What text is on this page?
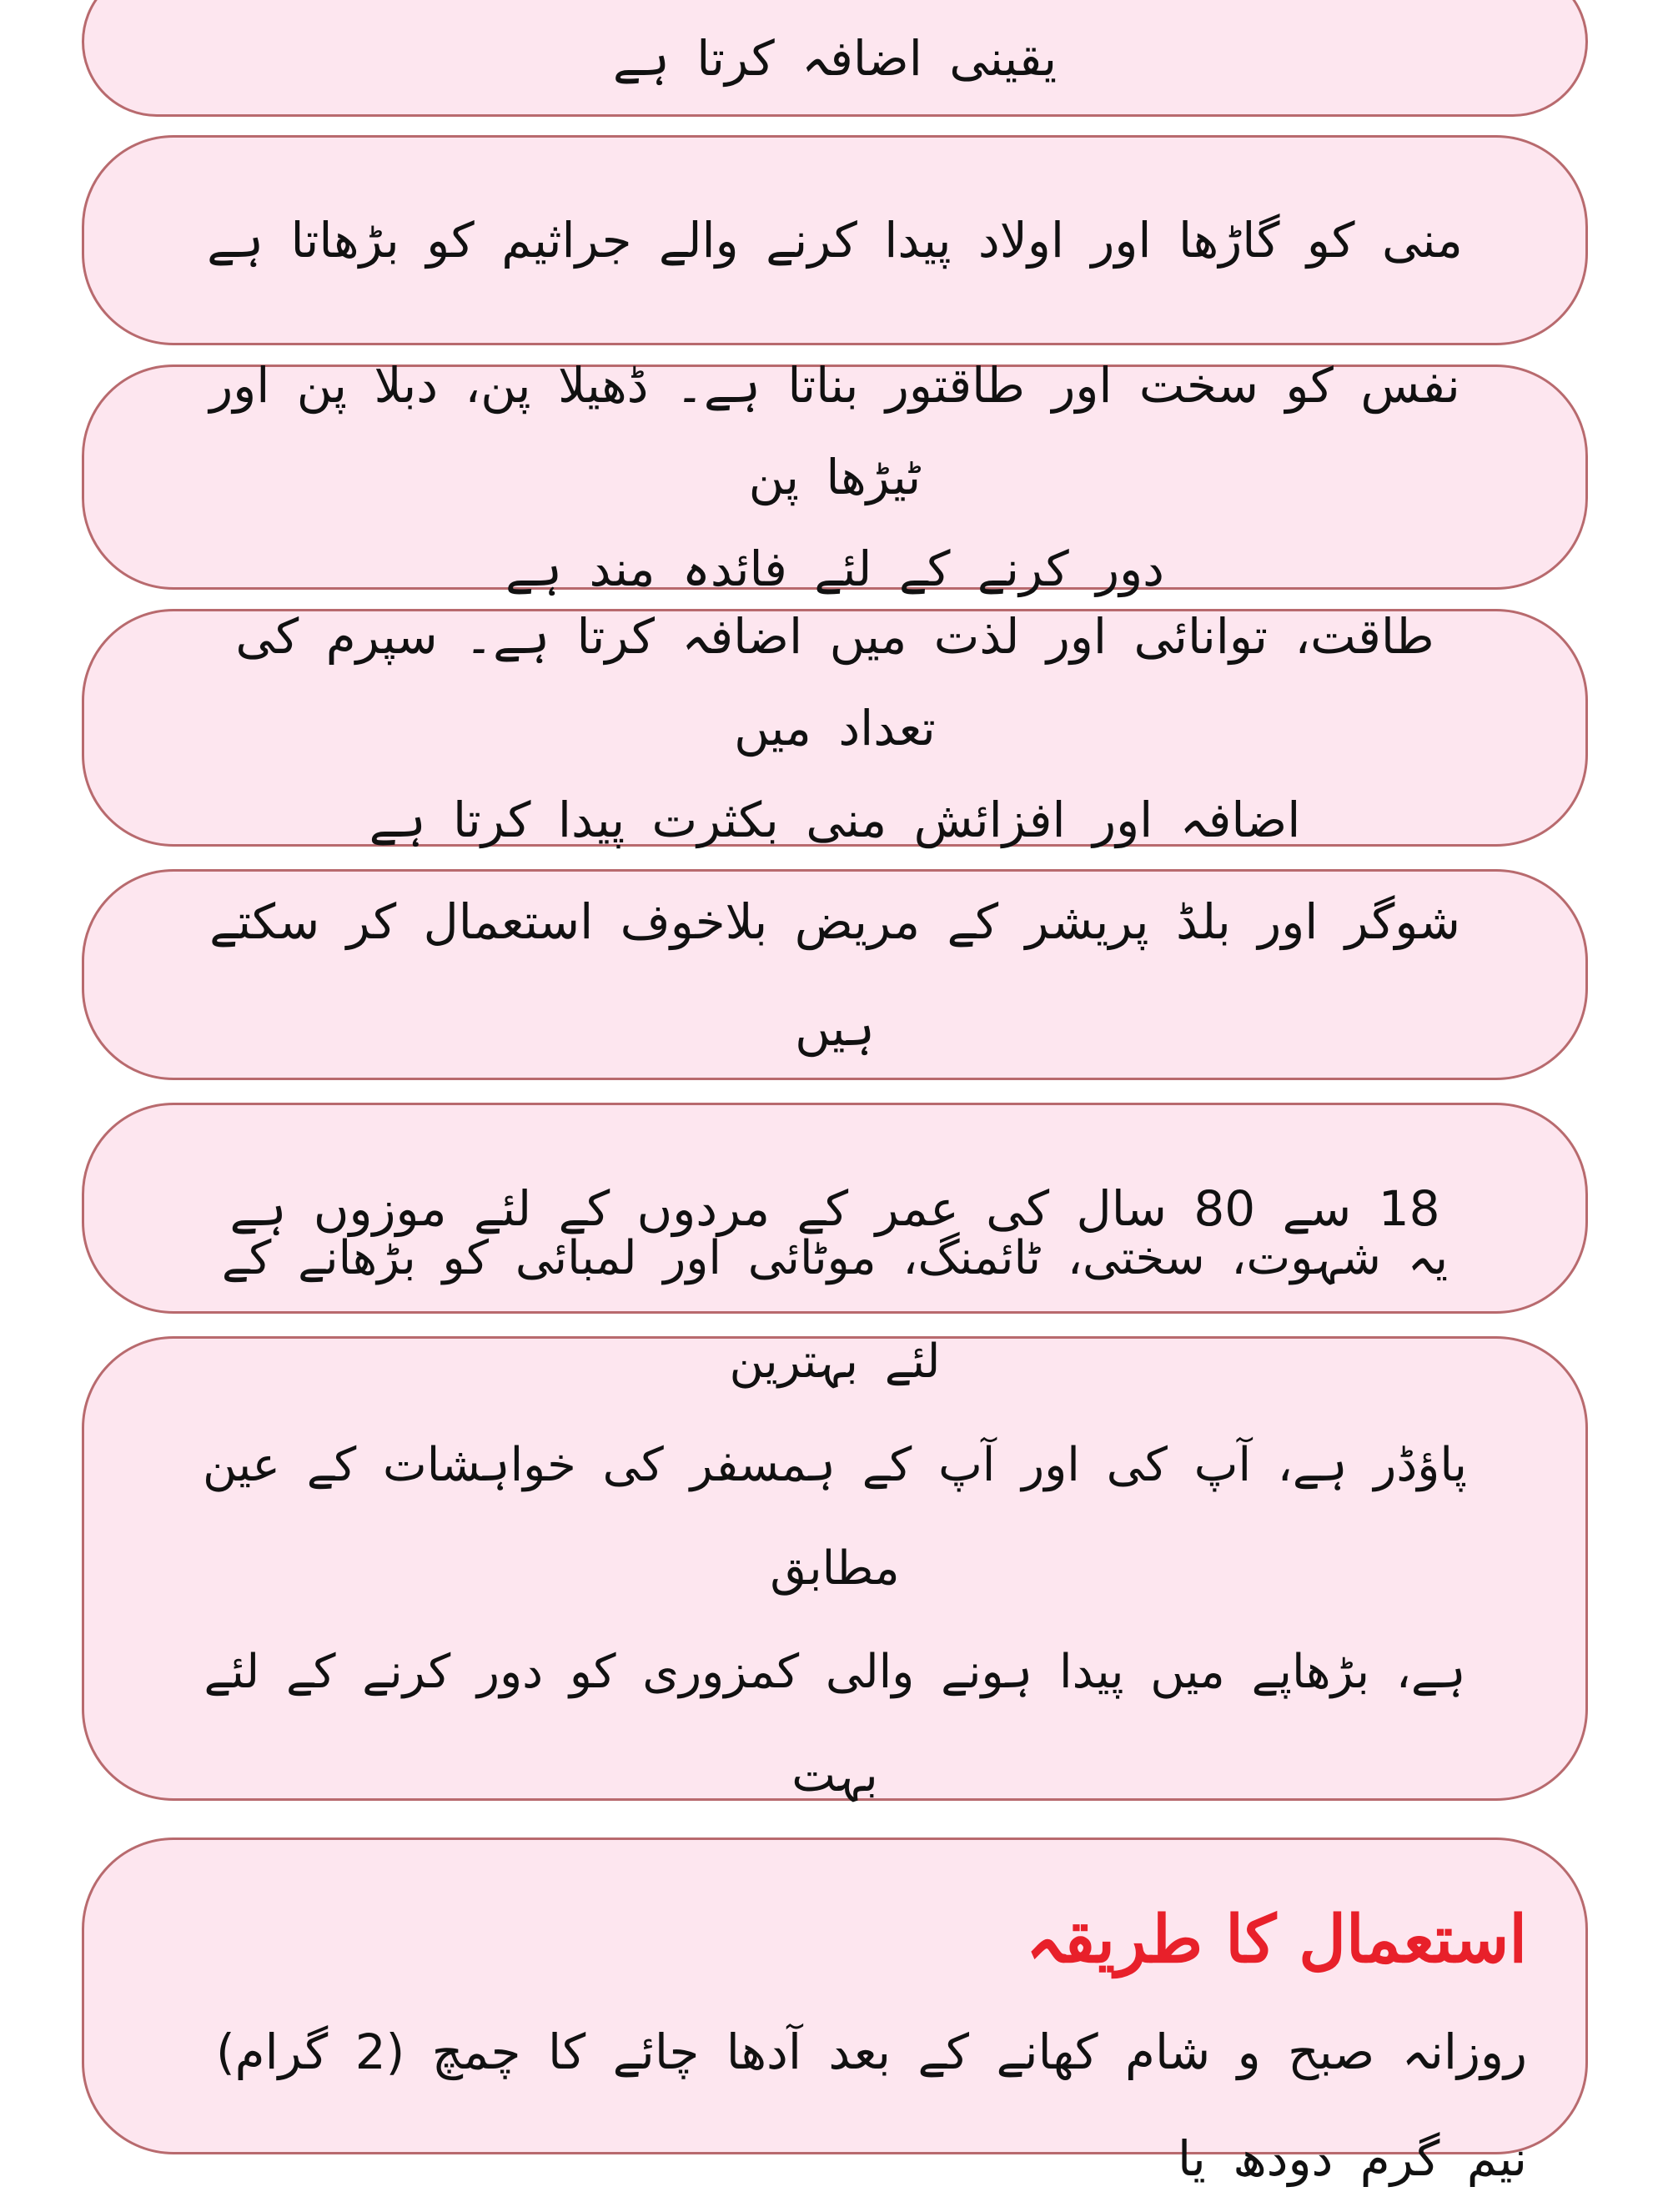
یقینی اضافہ کرتا ہے

منی کو گاڑھا اور اولاد پیدا کرنے والے جراثیم کو بڑھاتا ہے

نفس کو سخت اور طاقتور بناتا ہے۔ ڈھیلا پن، دبلا پن اور ٹیڑھا پن

دور کرنے کے لئے فائدہ مند ہے

طاقت، توانائی اور لذت میں اضافہ کرتا ہے۔ سپرم کی تعداد میں

اضافہ اور افزائش منی بکثرت پیدا کرتا ہے

شوگر اور بلڈ پریشر کے مریض بلاخوف استعمال کر سکتے ہیں

18 سے 80 سال کی عمر کے مردوں کے لئے موزوں ہے

یہ شہوت، سختی، ٹائمنگ، موٹائی اور لمبائی کو بڑھانے کے لئے بہترین

پاؤڈر ہے، آپ کی اور آپ کے ہمسفر کی خواہشات کے عین مطابق

ہے، بڑھاپے میں پیدا ہونے والی کمزوری کو دور کرنے کے لئے بہت

استعمال کا طریقہ

روزانہ صبح و شام کھانے کے بعد آدھا چائے کا چمچ (2 گرام) نیم گرم دودھ یا
